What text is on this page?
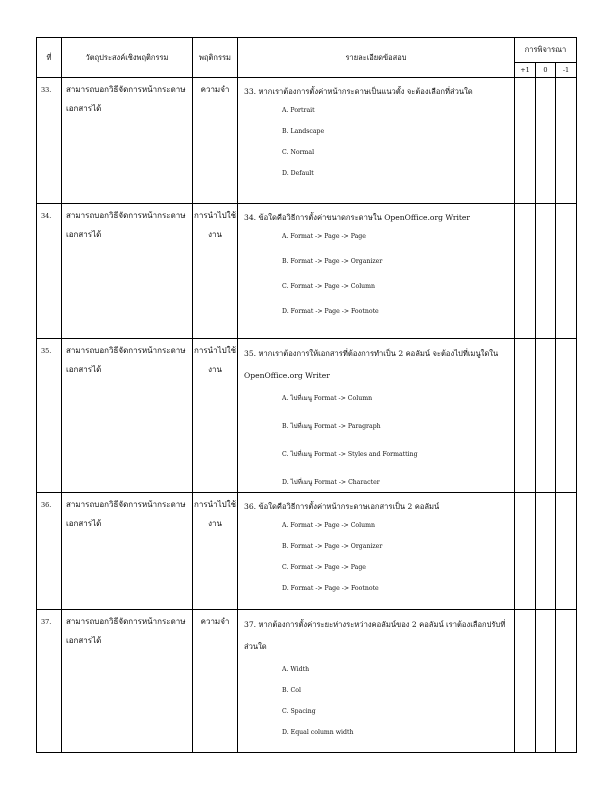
ที่	วัตถุประสงค์เชิงพฤติกรรม	พฤติกรรม	รายละเอียดข้อสอบ	การพิจารณา		
				+1	0	-1
33.	สามารถบอกวิธีจัดการหน้ากระดาษเอกสารได้	ความจำ	33. หากเราต้องการตั้งค่าหน้ากระดาษเป็นแนวตั้ง จะต้องเลือกที่ส่วนใด
A. Portrait
B. Landscape
C. Normal
D. Default			

34.	สามารถบอกวิธีจัดการหน้ากระดาษเอกสารได้	การนำไปใช้งาน	34. ข้อใดคือวิธีการตั้งค่าขนาดกระดาษใน OpenOffice.org Writer
A. Format -> Page -> Page
B. Format -> Page -> Organizer
C. Format -> Page -> Column
D. Format -> Page -> Footnote			

35.	สามารถบอกวิธีจัดการหน้ากระดาษเอกสารได้	การนำไปใช้งาน	35. หากเราต้องการให้เอกสารที่ต้องการทำเป็น 2 คอลัมน์ จะต้องไปที่เมนูใดใน OpenOffice.org Writer
A. ไปที่เมนู Format -> Column
B. ไปที่เมนู Format -> Paragraph
C. ไปที่เมนู Format -> Styles and Formatting
D. ไปที่เมนู Format -> Character			

36.	สามารถบอกวิธีจัดการหน้ากระดาษเอกสารได้	การนำไปใช้งาน	36. ข้อใดคือวิธีการตั้งค่าหน้ากระดาษเอกสารเป็น 2 คอลัมน์
A. Format -> Page -> Column
B. Format -> Page -> Organizer
C. Format -> Page -> Page
D. Format -> Page -> Footnote			

37.	สามารถบอกวิธีจัดการหน้ากระดาษเอกสารได้	ความจำ	37. หากต้องการตั้งค่าระยะห่างระหว่างคอลัมน์ของ 2 คอลัมน์ เราต้องเลือกปรับที่ส่วนใด
A. Width
B. Col
C. Spacing
D. Equal column width			
